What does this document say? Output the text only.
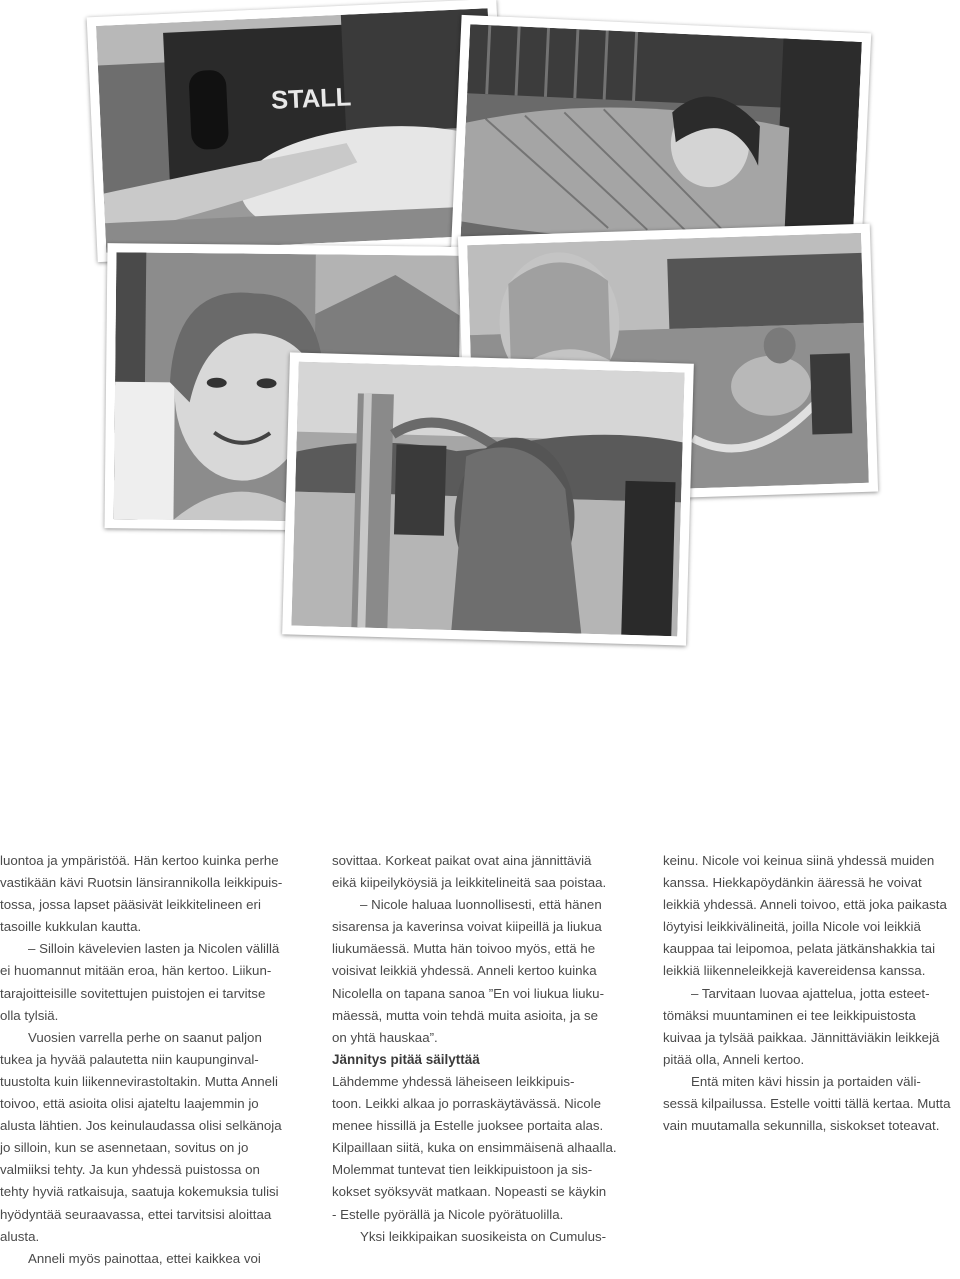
STALL

luontoa ja ympäristöä. Hän kertoo kuinka perhe

vastikään kävi Ruotsin länsirannikolla leikkipuis-

tossa, jossa lapset pääsivät leikkitelineen eri

tasoille kukkulan kautta.

– Silloin kävelevien lasten ja Nicolen välillä

ei huomannut mitään eroa, hän kertoo. Liikun-

tarajoitteisille sovitettujen puistojen ei tarvitse

olla tylsiä.

Vuosien varrella perhe on saanut paljon

tukea ja hyvää palautetta niin kaupunginval-

tuustolta kuin liikennevirastoltakin. Mutta Anneli

toivoo, että asioita olisi ajateltu laajemmin jo

alusta lähtien. Jos keinulaudassa olisi selkänoja

jo silloin, kun se asennetaan, sovitus on jo

valmiiksi tehty. Ja kun yhdessä puistossa on

tehty hyviä ratkaisuja, saatuja kokemuksia tulisi

hyödyntää seuraavassa, ettei tarvitsisi aloittaa

alusta.

Anneli myös painottaa, ettei kaikkea voi

sovittaa. Korkeat paikat ovat aina jännittäviä

eikä kiipeilyköysiä ja leikkitelineitä saa poistaa.

– Nicole haluaa luonnollisesti, että hänen

sisarensa ja kaverinsa voivat kiipeillä ja liukua

liukumäessä. Mutta hän toivoo myös, että he

voisivat leikkiä yhdessä. Anneli kertoo kuinka

Nicolella on tapana sanoa ”En voi liukua liuku-

mäessä, mutta voin tehdä muita asioita, ja se

on yhtä hauskaa”.

Jännitys pitää säilyttää

Lähdemme yhdessä läheiseen leikkipuis-

toon. Leikki alkaa jo porraskäytävässä. Nicole

menee hissillä ja Estelle juoksee portaita alas.

Kilpaillaan siitä, kuka on ensimmäisenä alhaalla.

Molemmat tuntevat tien leikkipuistoon ja sis-

kokset syöksyvät matkaan. Nopeasti se käykin

- Estelle pyörällä ja Nicole pyörätuolilla.

Yksi leikkipaikan suosikeista on Cumulus-

keinu. Nicole voi keinua siinä yhdessä muiden

kanssa. Hiekkapöydänkin ääressä he voivat

leikkiä yhdessä. Anneli toivoo, että joka paikasta

löytyisi leikkivälineitä, joilla Nicole voi leikkiä

kauppaa tai leipomoa, pelata jätkänshakkia tai

leikkiä liikenneleikkejä kavereidensa kanssa.

– Tarvitaan luovaa ajattelua, jotta esteet-

tömäksi muuntaminen ei tee leikkipuistosta

kuivaa ja tylsää paikkaa. Jännittäviäkin leikkejä

pitää olla, Anneli kertoo.

Entä miten kävi hissin ja portaiden väli-

sessä kilpailussa. Estelle voitti tällä kertaa. Mutta

vain muutamalla sekunnilla, siskokset toteavat.
